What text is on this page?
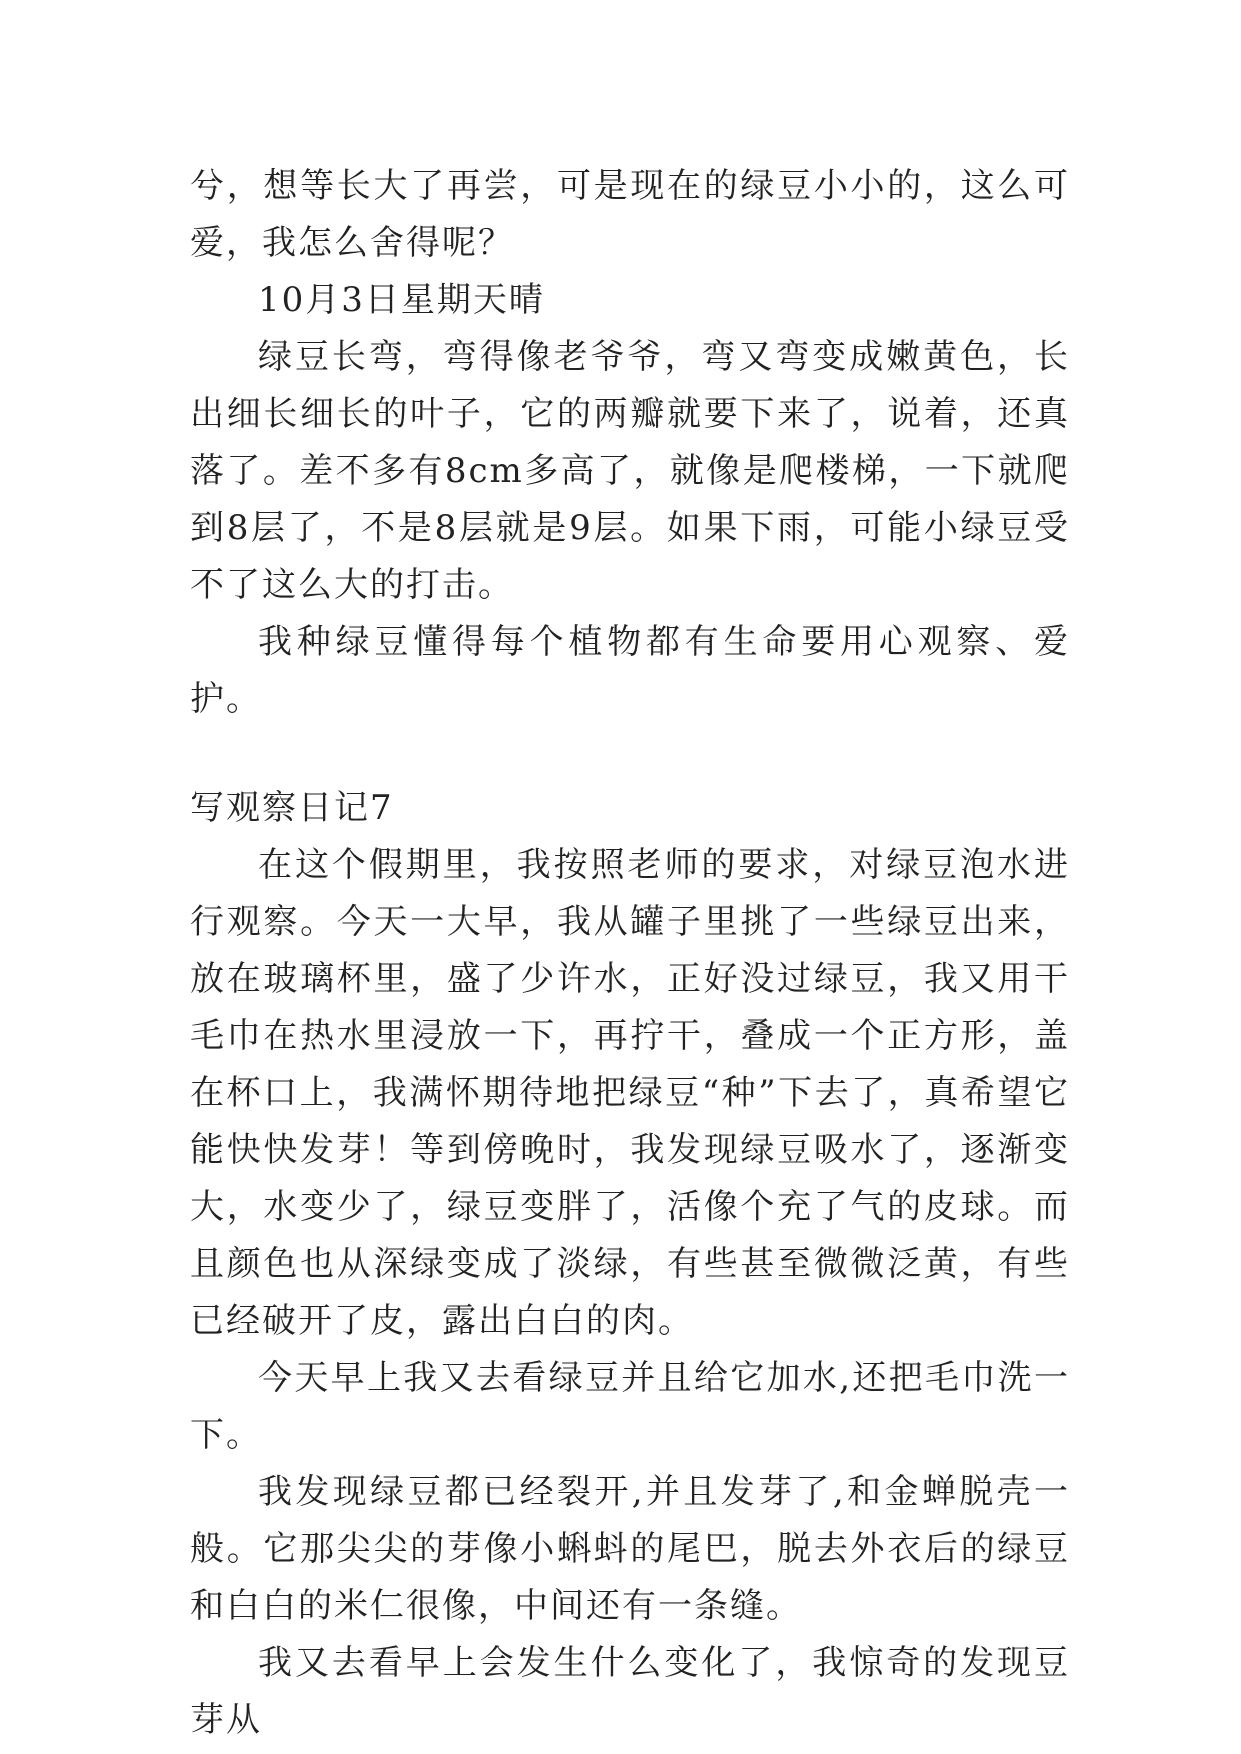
兮，想等长大了再尝，可是现在的绿豆小小的，这么可爱，我怎么舍得呢？

10月3日星期天晴

绿豆长弯，弯得像老爷爷，弯又弯变成嫩黄色，长出细长细长的叶子，它的两瓣就要下来了，说着，还真落了。差不多有8cm多高了，就像是爬楼梯，一下就爬到8层了，不是8层就是9层。如果下雨，可能小绿豆受不了这么大的打击。

我种绿豆懂得每个植物都有生命要用心观察、爱护。

写观察日记7

在这个假期里，我按照老师的要求，对绿豆泡水进行观察。今天一大早，我从罐子里挑了一些绿豆出来，放在玻璃杯里，盛了少许水，正好没过绿豆，我又用干毛巾在热水里浸放一下，再拧干，叠成一个正方形，盖在杯口上，我满怀期待地把绿豆“种”下去了，真希望它能快快发芽！等到傍晚时，我发现绿豆吸水了，逐渐变大，水变少了，绿豆变胖了，活像个充了气的皮球。而且颜色也从深绿变成了淡绿，有些甚至微微泛黄，有些已经破开了皮，露出白白的肉。

今天早上我又去看绿豆并且给它加水,还把毛巾洗一下。

我发现绿豆都已经裂开,并且发芽了,和金蝉脱壳一般。它那尖尖的芽像小蝌蚪的尾巴，脱去外衣后的绿豆和白白的米仁很像，中间还有一条缝。

我又去看早上会发生什么变化了，我惊奇的发现豆芽从
